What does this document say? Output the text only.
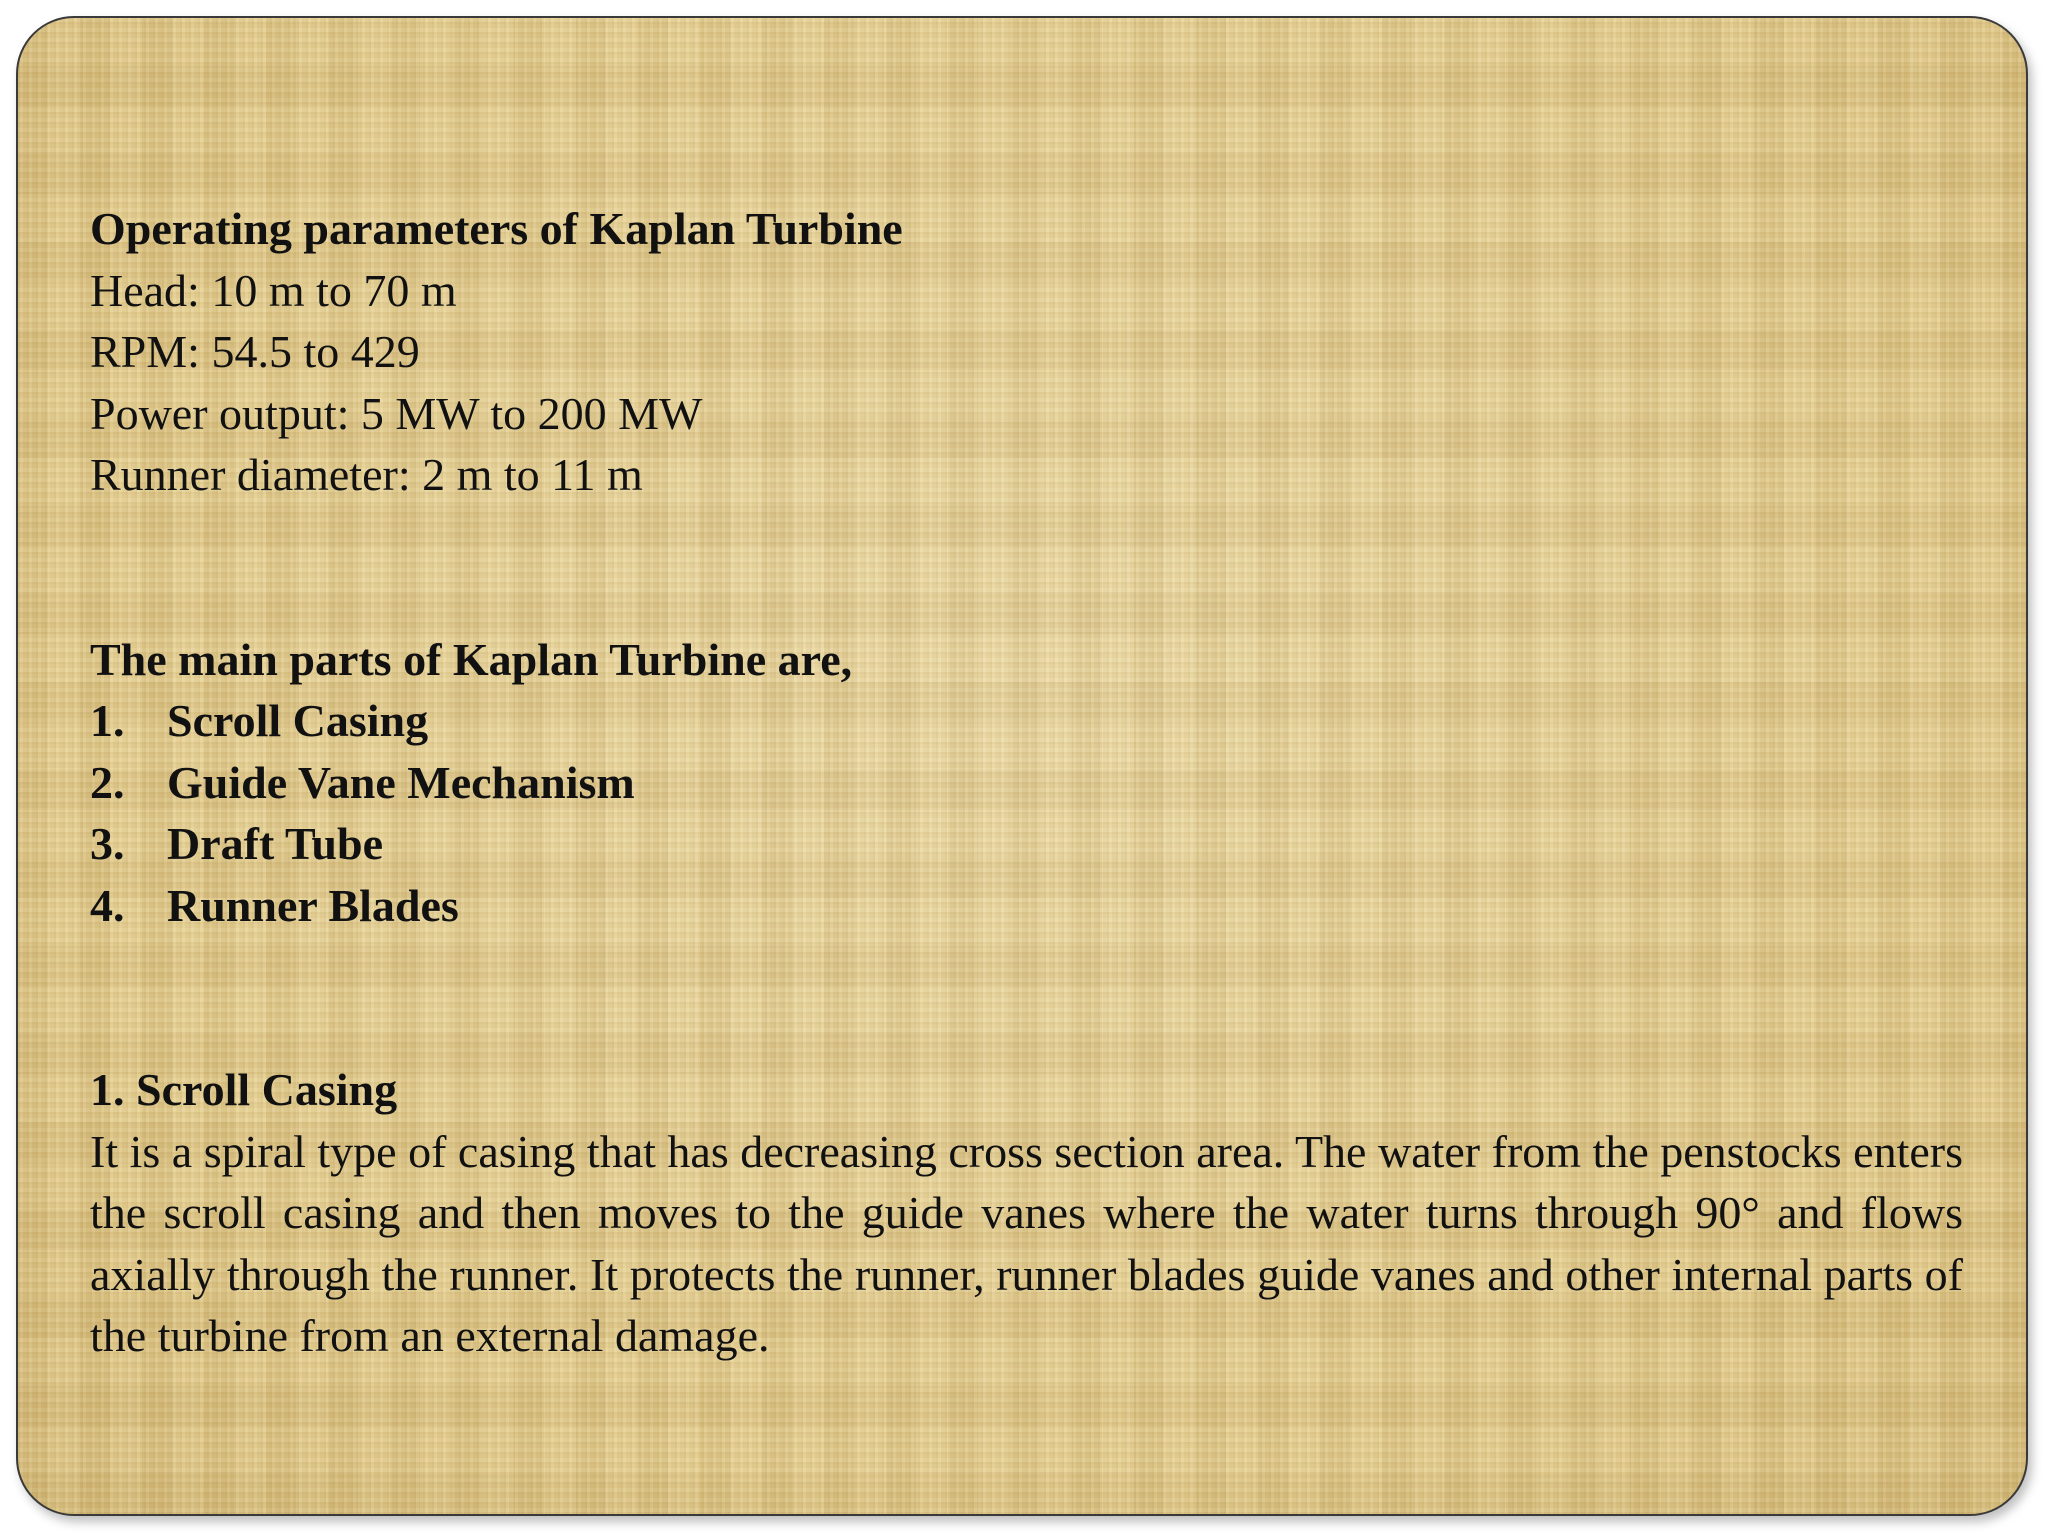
Operating parameters of Kaplan Turbine
Head: 10 m to 70 m
RPM: 54.5 to 429
Power output: 5 MW to 200 MW
Runner diameter: 2 m to 11 m
The main parts of Kaplan Turbine are,
1. Scroll Casing
2. Guide Vane Mechanism
3. Draft Tube
4. Runner Blades
1. Scroll Casing
It is a spiral type of casing that has decreasing cross section area. The water from the penstocks enters the scroll casing and then moves to the guide vanes where the water turns through 90° and flows axially through the runner. It protects the runner, runner blades guide vanes and other internal parts of the turbine from an external damage.
